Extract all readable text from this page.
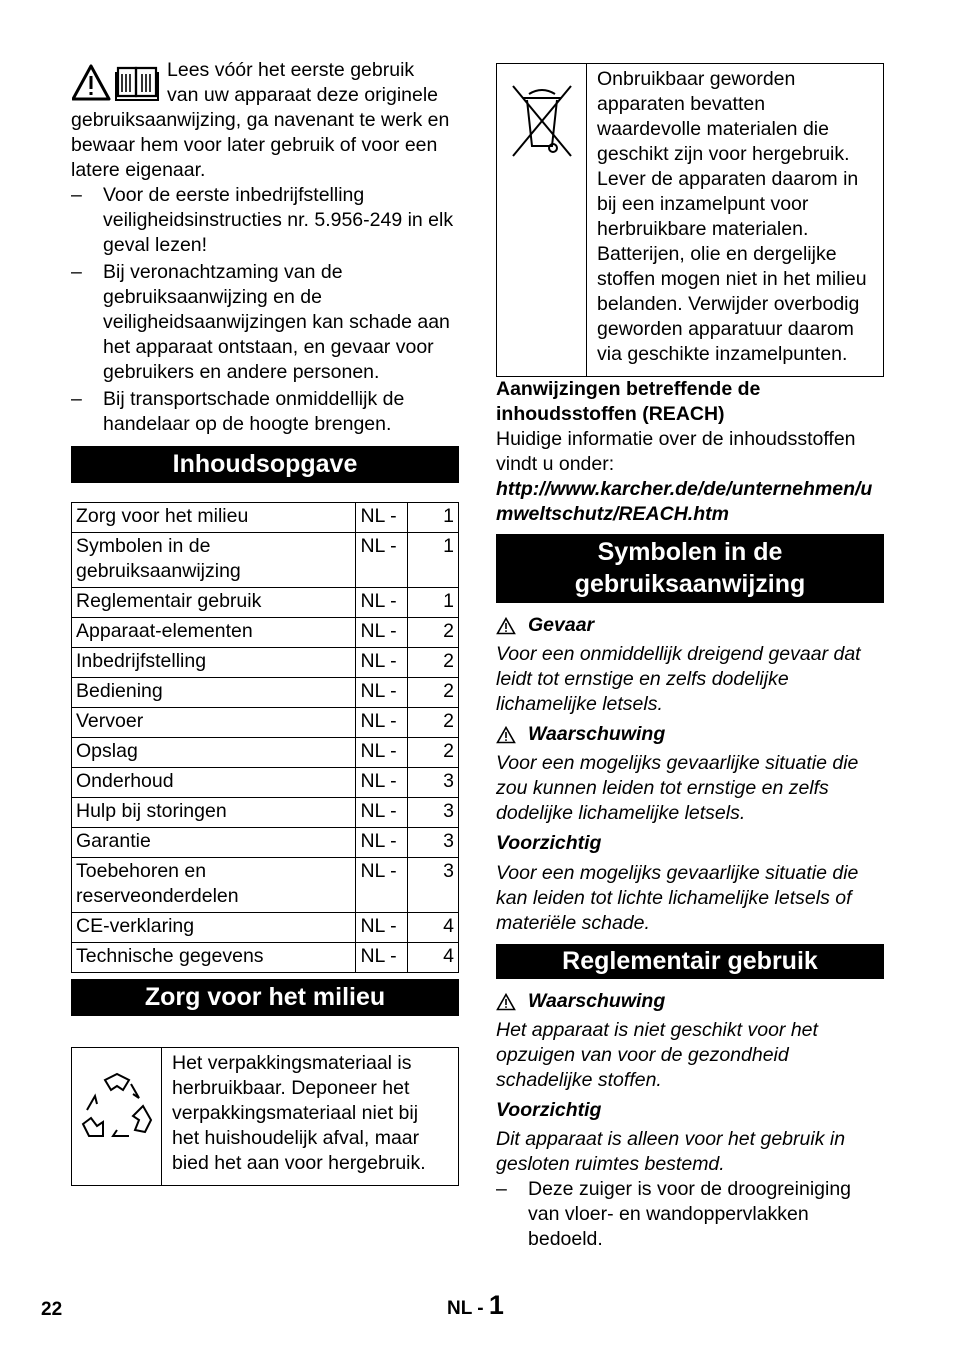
Lees vóór het eerste gebruik

van uw apparaat deze originele

gebruiksaanwijzing, ga navenant te werk en bewaar hem voor later gebruik of voor een latere eigenaar.

–	Voor de eerste inbedrijfstelling veiligheidsinstructies nr. 5.956-249 in elk geval lezen!
–	Bij veronachtzaming van de gebruiksaanwijzing en de veiligheidsaanwijzingen kan schade aan het apparaat ontstaan, en gevaar voor gebruikers en andere personen.
–	Bij transportschade onmiddellijk de handelaar op de hoogte brengen.
Inhoudsopgave
Zorg voor het milieu	NL -	1
Symbolen in de gebruiksaanwijzing	NL -	1
Reglementair gebruik	NL -	1
Apparaat-elementen	NL -	2
Inbedrijfstelling	NL -	2
Bediening	NL -	2
Vervoer	NL -	2
Opslag	NL -	2
Onderhoud	NL -	3
Hulp bij storingen	NL -	3
Garantie	NL -	3
Toebehoren en reserveonderdelen	NL -	3
CE-verklaring	NL -	4
Technische gegevens	NL -	4
Zorg voor het milieu
Het verpakkingsmateriaal is herbruikbaar. Deponeer het verpakkingsmateriaal niet bij het huishoudelijk afval, maar bied het aan voor hergebruik.
Onbruikbaar geworden apparaten bevatten waardevolle materialen die geschikt zijn voor hergebruik. Lever de apparaten daarom in bij een inzamelpunt voor herbruikbare materialen. Batterijen, olie en dergelijke stoffen mogen niet in het milieu belanden. Verwijder overbodig geworden apparatuur daarom via geschikte inzamelpunten.

Aanwijzingen betreffende de inhoudsstoffen (REACH)

Huidige informatie over de inhoudsstoffen vindt u onder:

http://www.karcher.de/de/unternehmen/umweltschutz/REACH.htm

Symbolen in de gebruiksaanwijzing

Gevaar

Voor een onmiddellijk dreigend gevaar dat leidt tot ernstige en zelfs dodelijke lichamelijke letsels.

Waarschuwing

Voor een mogelijks gevaarlijke situatie die zou kunnen leiden tot ernstige en zelfs dodelijke lichamelijke letsels.

Voorzichtig

Voor een mogelijks gevaarlijke situatie die kan leiden tot lichte lichamelijke letsels of materiële schade.

Reglementair gebruik

Waarschuwing

Het apparaat is niet geschikt voor het opzuigen van voor de gezondheid schadelijke stoffen.

Voorzichtig

Dit apparaat is alleen voor het gebruik in gesloten ruimtes bestemd.

–	Deze zuiger is voor de droogreiniging van vloer- en wandoppervlakken bedoeld.
22	NL - 1
